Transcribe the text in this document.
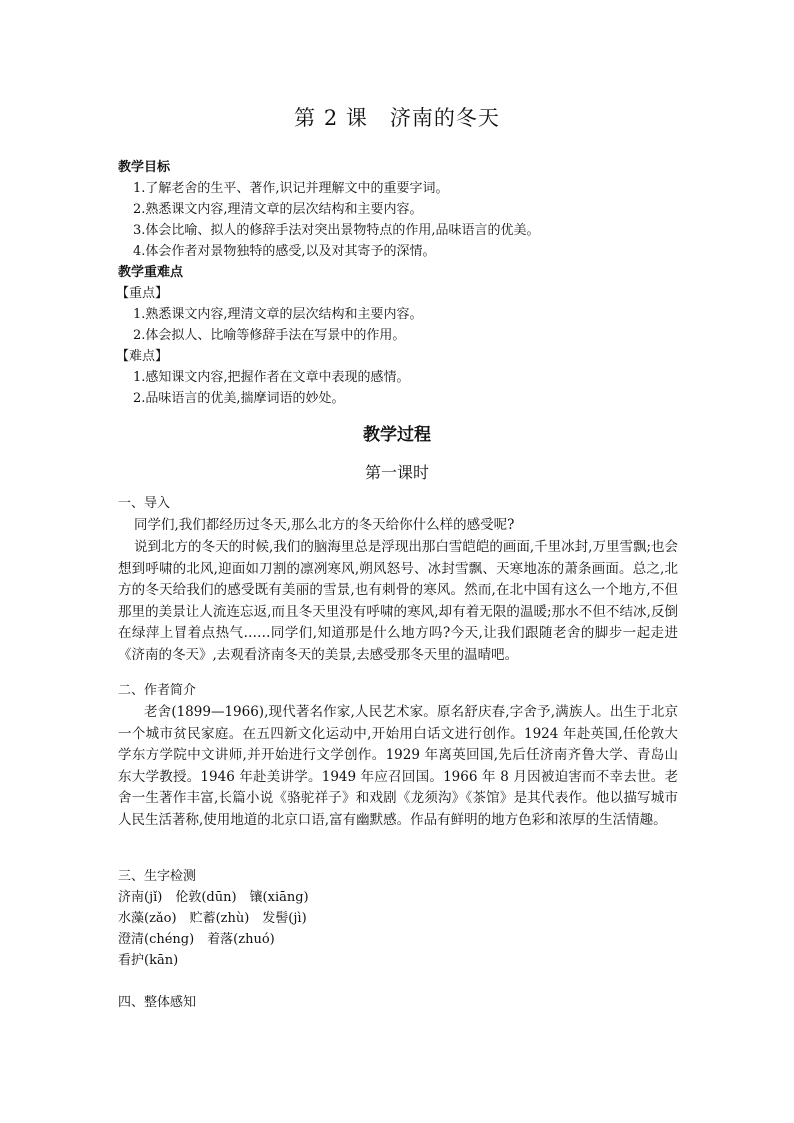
第 2 课　济南的冬天
教学目标
1.了解老舍的生平、著作,识记并理解文中的重要字词。
2.熟悉课文内容,理清文章的层次结构和主要内容。
3.体会比喻、拟人的修辞手法对突出景物特点的作用,品味语言的优美。
4.体会作者对景物独特的感受,以及对其寄予的深情。
教学重难点
【重点】
1.熟悉课文内容,理清文章的层次结构和主要内容。
2.体会拟人、比喻等修辞手法在写景中的作用。
【难点】
1.感知课文内容,把握作者在文章中表现的感情。
2.品味语言的优美,揣摩词语的妙处。
教学过程
第一课时
一、导入
同学们,我们都经历过冬天,那么北方的冬天给你什么样的感受呢?
说到北方的冬天的时候,我们的脑海里总是浮现出那白雪皑皑的画面,千里冰封,万里雪飘;也会想到呼啸的北风,迎面如刀割的凛冽寒风,朔风怒号、冰封雪飘、天寒地冻的萧条画面。总之,北方的冬天给我们的感受既有美丽的雪景,也有刺骨的寒风。然而,在北中国有这么一个地方,不但那里的美景让人流连忘返,而且冬天里没有呼啸的寒风,却有着无限的温暖;那水不但不结冰,反倒在绿萍上冒着点热气……同学们,知道那是什么地方吗?今天,让我们跟随老舍的脚步一起走进《济南的冬天》,去观看济南冬天的美景,去感受那冬天里的温晴吧。
二、作者简介
老舍(1899—1966),现代著名作家,人民艺术家。原名舒庆春,字舍予,满族人。出生于北京一个城市贫民家庭。在五四新文化运动中,开始用白话文进行创作。1924 年赴英国,任伦敦大学东方学院中文讲师,并开始进行文学创作。1929 年离英回国,先后任济南齐鲁大学、青岛山东大学教授。1946 年赴美讲学。1949 年应召回国。1966 年 8 月因被迫害而不幸去世。老舍一生著作丰富,长篇小说《骆驼祥子》和戏剧《龙须沟》《茶馆》是其代表作。他以描写城市人民生活著称,使用地道的北京口语,富有幽默感。作品有鲜明的地方色彩和浓厚的生活情趣。
三、生字检测
济南(jǐ)　伦敦(dūn)　镶(xiāng)
水藻(zǎo)　贮蓄(zhù)　发髻(jì)
澄清(chéng)　着落(zhuó)
看护(kān)
四、整体感知
